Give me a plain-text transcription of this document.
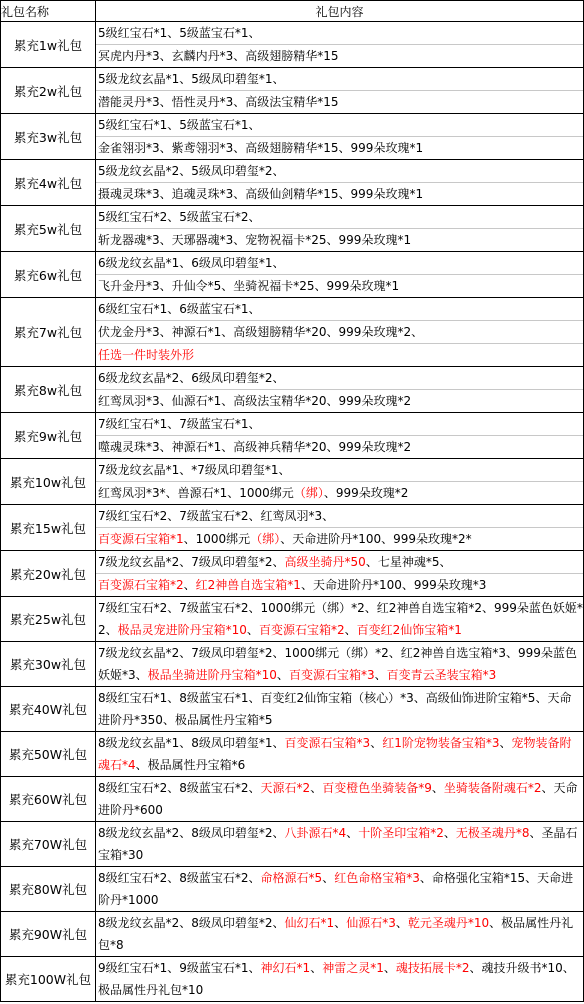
礼包名称	礼包内容
累充1w礼包	5级红宝石*1、5级蓝宝石*1、
冥虎内丹*3、玄麟内丹*3、高级翅膀精华*15

累充2w礼包	5级龙纹玄晶*1、5级凤印碧玺*1、
潜能灵丹*3、悟性灵丹*3、高级法宝精华*15

累充3w礼包	5级红宝石*1、5级蓝宝石*1、
金雀翎羽*3、紫鸢翎羽*3、高级翅膀精华*15、999朵玫瑰*1

累充4w礼包	5级龙纹玄晶*2、5级凤印碧玺*2、
摄魂灵珠*3、追魂灵珠*3、高级仙剑精华*15、999朵玫瑰*1

累充5w礼包	5级红宝石*2、5级蓝宝石*2、
斩龙器魂*3、天琊器魂*3、宠物祝福卡*25、999朵玫瑰*1

累充6w礼包	6级龙纹玄晶*1、6级凤印碧玺*1、
飞升金丹*3、升仙令*5、坐骑祝福卡*25、999朵玫瑰*1

累充7w礼包	6级红宝石*1、6级蓝宝石*1、
伏龙金丹*3、神源石*1、高级翅膀精华*20、999朵玫瑰*2、
任选一件时装外形

累充8w礼包	6级龙纹玄晶*2、6级凤印碧玺*2、
红鸾凤羽*3、仙源石*1、高级法宝精华*20、999朵玫瑰*2

累充9w礼包	7级红宝石*1、7级蓝宝石*1、
噬魂灵珠*3、神源石*1、高级神兵精华*20、999朵玫瑰*2

累充10w礼包	7级龙纹玄晶*1、*7级凤印碧玺*1、
红鸾凤羽*3*、兽源石*1、1000绑元（绑）、999朵玫瑰*2

累充15w礼包	7级红宝石*2、7级蓝宝石*2、红鸾凤羽*3、
百变源石宝箱*1、1000绑元（绑）、天命进阶丹*100、999朵玫瑰*2*

累充20w礼包	7级龙纹玄晶*2、7级凤印碧玺*2、高级坐骑丹*50、七星神魂*5、
百变源石宝箱*2、红2神兽自选宝箱*1、天命进阶丹*100、999朵玫瑰*3

累充25w礼包	7级红宝石*2、7级蓝宝石*2、1000绑元（绑）*2、红2神兽自选宝箱*2、999朵蓝色妖姬*2、极品灵宠进阶丹宝箱*10、百变源石宝箱*2、百变红2仙饰宝箱*1

累充30w礼包	7级龙纹玄晶*2、7级凤印碧玺*2、1000绑元（绑）*2、红2神兽自选宝箱*3、999朵蓝色妖姬*3、极品坐骑进阶丹宝箱*10、百变源石宝箱*3、百变青云圣装宝箱*3

累充40W礼包	8级红宝石*1、8级蓝宝石*1、百变红2仙饰宝箱（核心）*3、高级仙饰进阶宝箱*5、天命进阶丹*350、极品属性丹宝箱*5

累充50W礼包	8级龙纹玄晶*1、8级凤印碧玺*1、百变源石宝箱*3、红1阶宠物装备宝箱*3、宠物装备附魂石*4、极品属性丹宝箱*6

累充60W礼包	8级红宝石*2、8级蓝宝石*2、天源石*2、百变橙色坐骑装备*9、坐骑装备附魂石*2、天命进阶丹*600

累充70W礼包	8级龙纹玄晶*2、8级凤印碧玺*2、八卦源石*4、十阶圣印宝箱*2、无极圣魂丹*8、圣晶石宝箱*30

累充80W礼包	8级红宝石*2、8级蓝宝石*2、命格源石*5、红色命格宝箱*3、命格强化宝箱*15、天命进阶丹*1000

累充90W礼包	8级龙纹玄晶*2、8级凤印碧玺*2、仙幻石*1、仙源石*3、乾元圣魂丹*10、极品属性丹礼包*8

累充100W礼包	9级红宝石*1、9级蓝宝石*1、神幻石*1、神雷之灵*1、魂技拓展卡*2、魂技升级书*10、极品属性丹礼包*10
